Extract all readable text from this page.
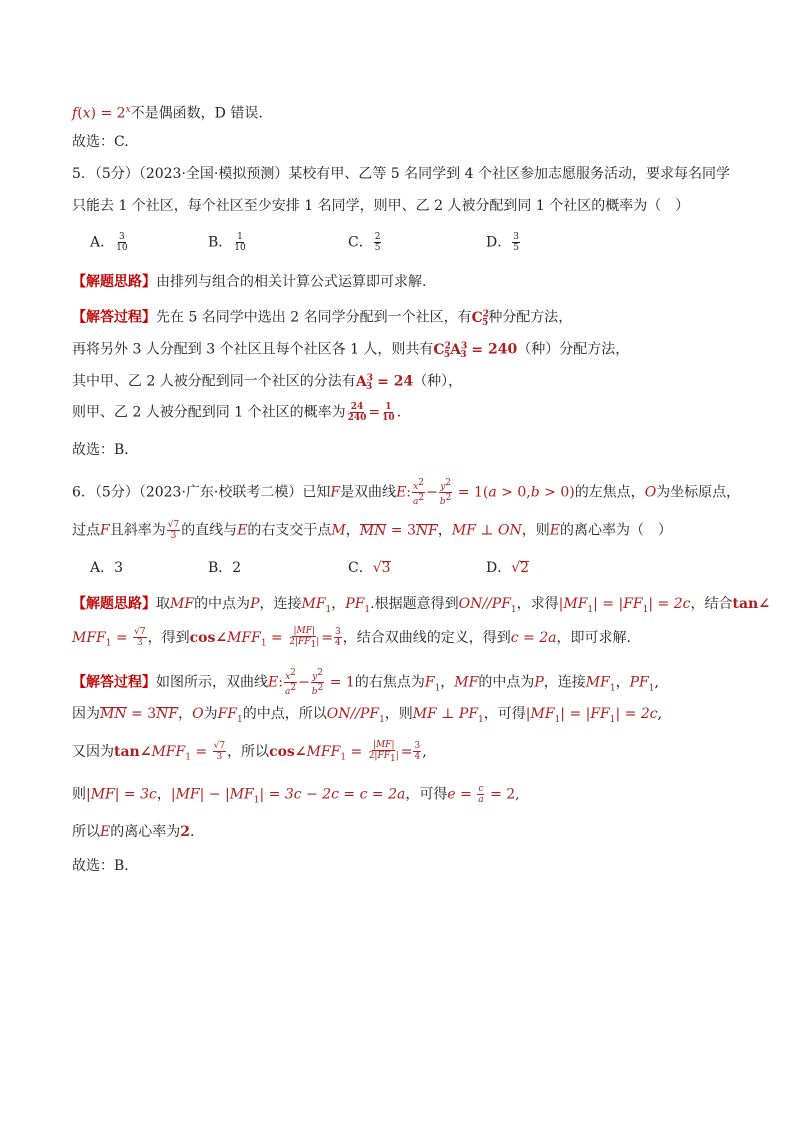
$f(x) = 2^x$不是偶函数，D 错误.
故选：C.
5．（5分）（2023·全国·模拟预测）某校有甲、乙等 5 名同学到 4 个社区参加志愿服务活动，要求每名同学
只能去 1 个社区，每个社区至少安排 1 名同学，则甲、乙 2 人被分配到同 1 个社区的概率为（　）
A． $\frac{3}{10}$	B． $\frac{1}{10}$	C． $\frac{2}{5}$	D． $\frac{3}{5}$
【解题思路】由排列与组合的相关计算公式运算即可求解.
【解答过程】先在 5 名同学中选出 2 名同学分配到一个社区，有$C^2_5$种分配方法，
再将另外 3 人分配到 3 个社区且每个社区各 1 人，则共有$C^2_5A^3_3 = 240$（种）分配方法，
其中甲、乙 2 人被分配到同一个社区的分法有$A^3_3 = 24$（种），
则甲、乙 2 人被分配到同 1 个社区的概率为 $\frac{24}{240} = \frac{1}{10}$ .
故选：B．
6．（5分）（2023·广东·校联考二模）已知F是双曲线E: $\frac{x^2}{a^2} - \frac{y^2}{b^2} = 1(a > 0,b > 0)$的左焦点，O为坐标原点，
过点F且斜率为 $\frac{√7}{3}$ 的直线与E的右支交于点M，MN = 3NF，MF ⊥ ON，则E的离心率为（　）
A．3	B．2	C．√3	D．√2
【解题思路】取MF的中点为P，连接$MF_1$，$PF_1$.根据题意得到$ON//PF_1$，求得$|MF_1| = |FF_1| = 2c$，结合tan∠
$MFF_1 = \frac{√7}{3}$ ，得到$\cos\angle MFF_1 = \frac{|MF|}{2|FF_1|} = \frac{3}{4}$ ，结合双曲线的定义，得到c = 2a，即可求解.
【解答过程】如图所示，双曲线E: $\frac{x^2}{a^2} - \frac{y^2}{b^2} = 1$的右焦点为$F_1$，MF的中点为P，连接$MF_1$，$PF_1$,
因为MN = 3NF，O为$FF_1$的中点，所以$ON//PF_1$，则MF ⊥ $PF_1$，可得$|MF_1| = |FF_1| = 2c$,
又因为$\tan\angle MFF_1 = \frac{√7}{3}$ ，所以$\cos\angle MFF_1 = \frac{|MF|}{2|FF_1|} = \frac{3}{4}$ ,
则|MF| = 3c，$|MF| - |MF_1| = 3c - 2c = c = 2a$，可得$e = \frac{c}{a} = 2$,
所以E的离心率为2.
故选：B.
